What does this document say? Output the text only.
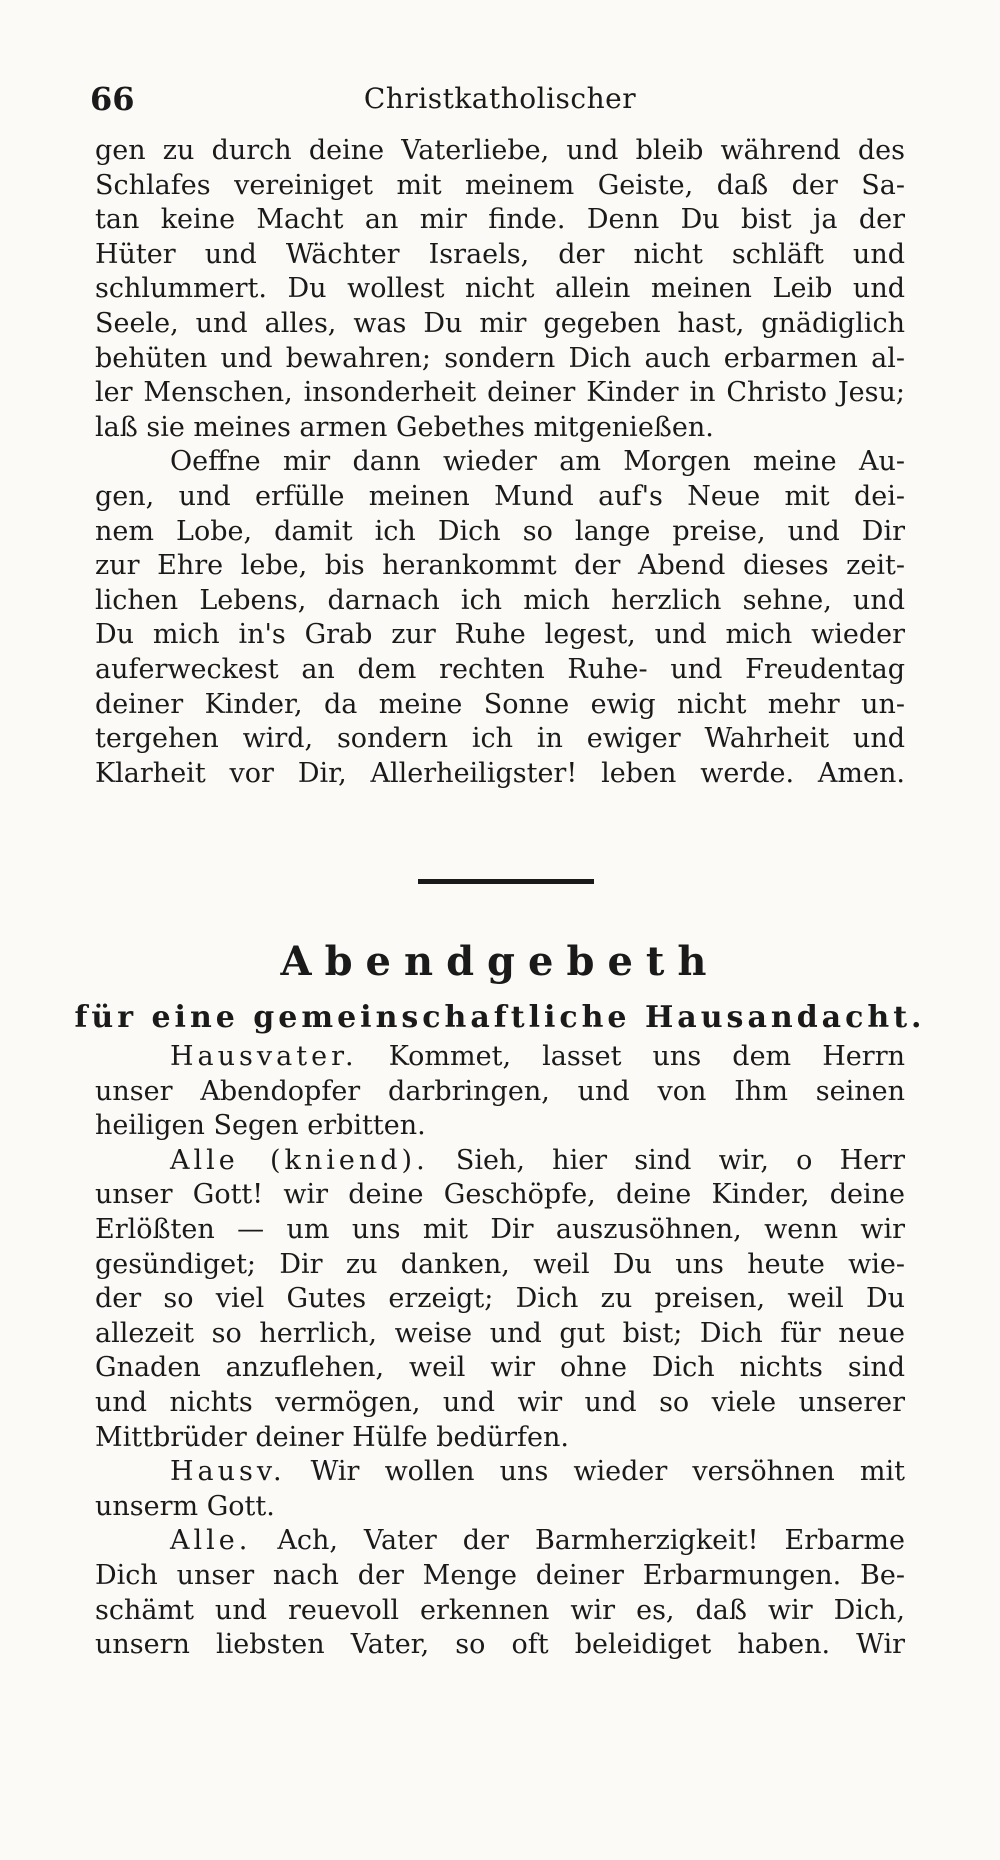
66	Christkatholischer
gen zu durch deine Vaterliebe, und bleib während des
Schlafes vereiniget mit meinem Geiste, daß der Sa-
tan keine Macht an mir finde. Denn Du bist ja der
Hüter und Wächter Israels, der nicht schläft und
schlummert. Du wollest nicht allein meinen Leib und
Seele, und alles, was Du mir gegeben hast, gnädiglich
behüten und bewahren; sondern Dich auch erbarmen al-
ler Menschen, insonderheit deiner Kinder in Christo Jesu;
laß sie meines armen Gebethes mitgenießen.
Oeffne mir dann wieder am Morgen meine Au-
gen, und erfülle meinen Mund auf's Neue mit dei-
nem Lobe, damit ich Dich so lange preise, und Dir
zur Ehre lebe, bis herankommt der Abend dieses zeit-
lichen Lebens, darnach ich mich herzlich sehne, und
Du mich in's Grab zur Ruhe legest, und mich wieder
auferweckest an dem rechten Ruhe- und Freudentag
deiner Kinder, da meine Sonne ewig nicht mehr un-
tergehen wird, sondern ich in ewiger Wahrheit und
Klarheit vor Dir, Allerheiligster! leben werde. Amen.
Abendgebeth
für eine gemeinschaftliche Hausandacht.
Hausvater. Kommet, lasset uns dem Herrn
unser Abendopfer darbringen, und von Ihm seinen
heiligen Segen erbitten.
Alle (kniend). Sieh, hier sind wir, o Herr
unser Gott! wir deine Geschöpfe, deine Kinder, deine
Erlößten — um uns mit Dir auszusöhnen, wenn wir
gesündiget; Dir zu danken, weil Du uns heute wie-
der so viel Gutes erzeigt; Dich zu preisen, weil Du
allezeit so herrlich, weise und gut bist; Dich für neue
Gnaden anzuflehen, weil wir ohne Dich nichts sind
und nichts vermögen, und wir und so viele unserer
Mittbrüder deiner Hülfe bedürfen.
Hausv. Wir wollen uns wieder versöhnen mit
unserm Gott.
Alle. Ach, Vater der Barmherzigkeit! Erbarme
Dich unser nach der Menge deiner Erbarmungen. Be-
schämt und reuevoll erkennen wir es, daß wir Dich,
unsern liebsten Vater, so oft beleidiget haben. Wir
